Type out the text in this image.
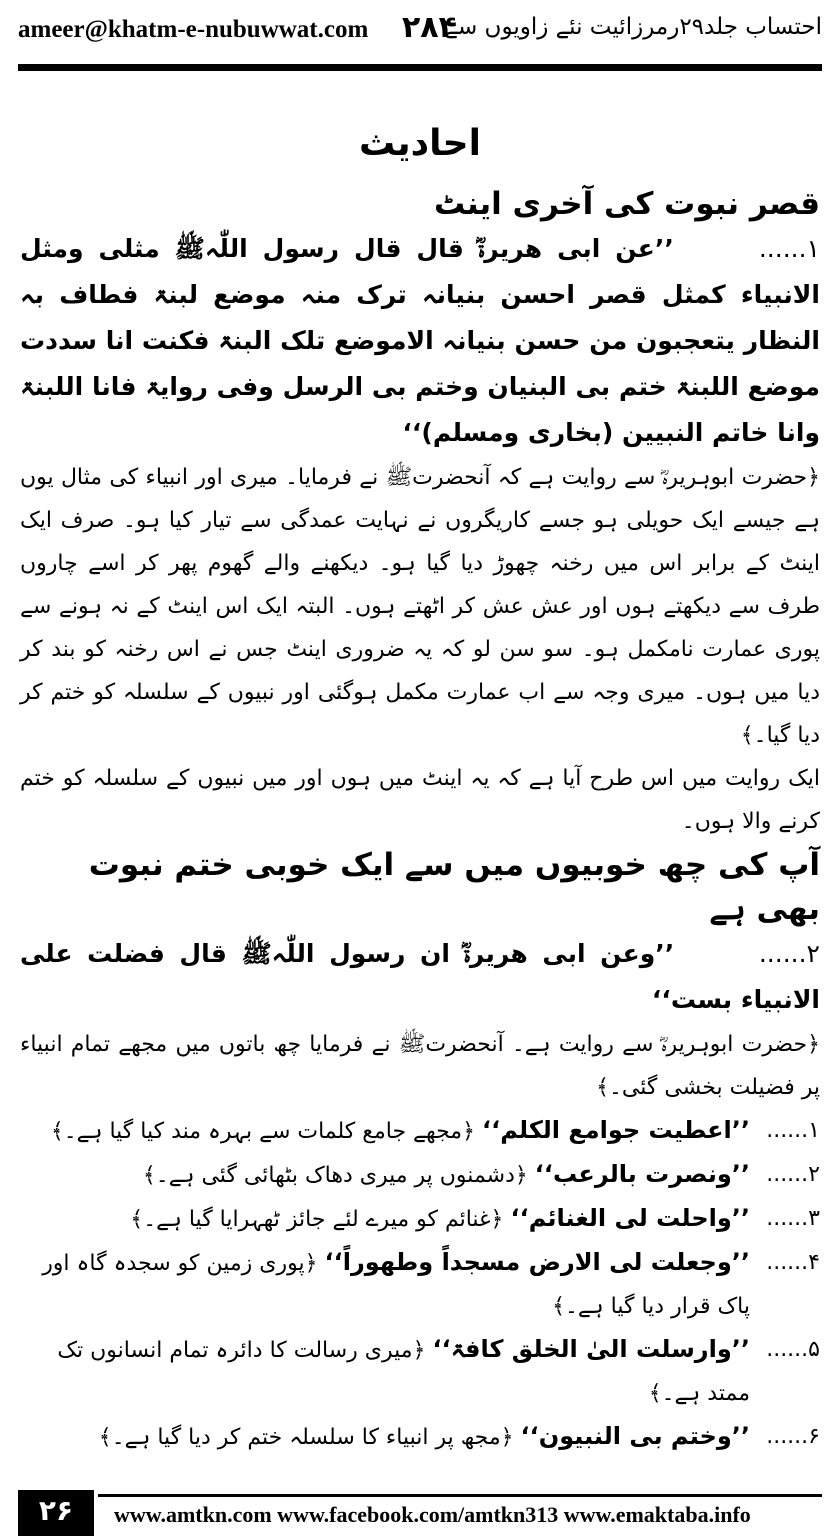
ameer@khatm-e-nubuwwat.com ۲۸۴
احتساب جلد۲۹رمرزائیت نئے زاویوں سے
احادیث
قصر نبوت کی آخری اینٹ

۱...... ’’عن ابی ھریرۃؓ قال قال رسول اللّٰہﷺ مثلی ومثل الانبیاء کمثل قصر احسن بنیانہ ترک منہ موضع لبنۃ فطاف بہ النظار یتعجبون من حسن بنیانہ الاموضع تلک البنۃ فکنت انا سددت موضع اللبنۃ ختم بی البنیان وختم بی الرسل وفی روایۃ فانا اللبنۃ وانا خاتم النبیین (بخاری ومسلم)‘‘

﴿حضرت ابوہریرہؓ سے روایت ہے کہ آنحضرتﷺ نے فرمایا۔ میری اور انبیاء کی مثال یوں ہے جیسے ایک حویلی ہو جسے کاریگروں نے نہایت عمدگی سے تیار کیا ہو۔ صرف ایک اینٹ کے برابر اس میں رخنہ چھوڑ دیا گیا ہو۔ دیکھنے والے گھوم پھر کر اسے چاروں طرف سے دیکھتے ہوں اور عش عش کر اٹھتے ہوں۔ البتہ ایک اس اینٹ کے نہ ہونے سے پوری عمارت نامکمل ہو۔ سو سن لو کہ یہ ضروری اینٹ جس نے اس رخنہ کو بند کر دیا میں ہوں۔ میری وجہ سے اب عمارت مکمل ہوگئی اور نبیوں کے سلسلہ کو ختم کر دیا گیا۔﴾

ایک روایت میں اس طرح آیا ہے کہ یہ اینٹ میں ہوں اور میں نبیوں کے سلسلہ کو ختم کرنے والا ہوں۔

آپ کی چھ خوبیوں میں سے ایک خوبی ختم نبوت بھی ہے

۲...... ’’وعن ابی ھریرۃؓ ان رسول اللّٰہﷺ قال فضلت علی الانبیاء بست‘‘

﴿حضرت ابوہریرہؓ سے روایت ہے۔ آنحضرتﷺ نے فرمایا چھ باتوں میں مجھے تمام انبیاء پر فضیلت بخشی گئی۔﴾

۱......
’’اعطیت جوامع الکلم‘‘ ﴿مجھے جامع کلمات سے بہرہ مند کیا گیا ہے۔﴾
۲......
’’ونصرت بالرعب‘‘ ﴿دشمنوں پر میری دھاک بٹھائی گئی ہے۔﴾
۳......
’’واحلت لی الغنائم‘‘ ﴿غنائم کو میرے لئے جائز ٹھہرایا گیا ہے۔﴾
۴......
’’وجعلت لی الارض مسجداً وطھوراً‘‘ ﴿پوری زمین کو سجدہ گاہ اور پاک قرار دیا گیا ہے۔﴾
۵......
’’وارسلت الیٰ الخلق کافۃ‘‘ ﴿میری رسالت کا دائرہ تمام انسانوں تک ممتد ہے۔﴾
۶......
’’وختم بی النبیون‘‘ ﴿مجھ پر انبیاء کا سلسلہ ختم کر دیا گیا ہے۔﴾
۲۶	www.amtkn.com www.facebook.com/amtkn313 www.emaktaba.info
